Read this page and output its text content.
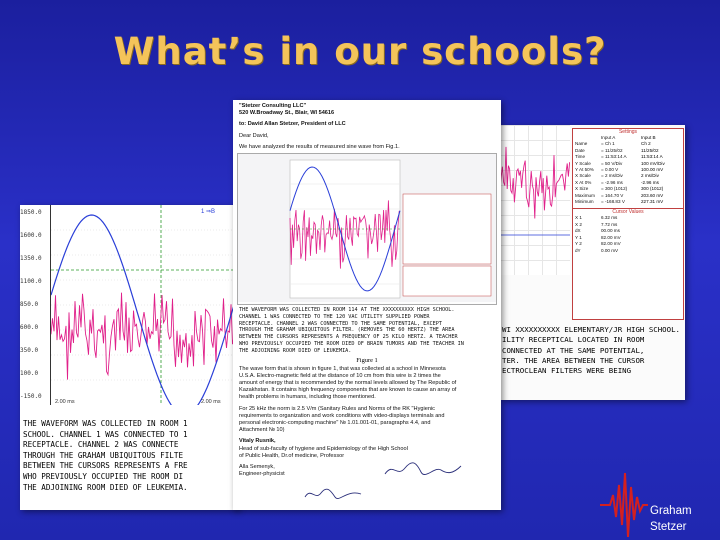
What’s in our schools?
Settings
Input A	Input B
Name	= Ch 1	Ch 2
Date	= 11/25/02	11/25/02
Time	= 11:53:14 A	11:53:14 A
Y Scale = 50 V/Div	100 mV/Div
Y At 50% = 0.00 V	100.00 mV
X Scale = 2 ms/Div	2 ms/Div
X At 0% = -2.96 ms	-2.96 ms
X Size	= 300 (1012)	300 (1012)
Maximum = 164.70 V	203.60 mV
Minimum = -168.83 V	227.31 mV
Cursor Values
X 1	6.32 ms
X 2	7.72 ms
dX	00.00 ms
Y 1	82.00 mV
Y 2	82.00 mV
dY	0.00 mV
WI XXXXXXXXXX ELEMENTARY/JR HIGH SCHOOL.
ILITY RECEPTICAL LOCATED IN ROOM
CONNECTED AT THE SAME POTENTIAL,
TER. THE AREA BETWEEN THE CURSOR
ECTROCLEAN FILTERS WERE BEING
1850.0
1600.0
1350.0
1100.0
850.0
600.0
350.0
100.0
-150.0
1 ⇒B
2.00 ms	2.00 ms
THE WAVEFORM WAS COLLECTED IN ROOM 1
SCHOOL. CHANNEL 1 WAS CONNECTED TO 1
RECEPTACLE. CHANNEL 2 WAS CONNECTE
THROUGH THE GRAHAM UBIQUITOUS FILTE
BETWEEN THE CURSORS REPRESENTS A FRE
WHO PREVIOUSLY OCCUPIED THE ROOM DI
THE ADJOINING ROOM DIED OF LEUKEMIA.
"Stetzer Consulting LLC"
520 W.Broadway St., Blair, WI 54616
to: David Allan Stetzer, President of LLC
Dear David,
We have analyzed the results of measured sine wave from Fig.1.
THE WAVEFORM WAS COLLECTED IN ROOM 114 AT THE XXXXXXXXXX HIGH SCHOOL.
CHANNEL 1 WAS CONNECTED TO THE 120 VAC UTILITY SUPPLIED POWER
RECEPTACLE. CHANNEL 2 WAS CONNECTED TO THE SAME POTENTIAL, EXCEPT
THROUGH THE GRAHAM UBIQUITOUS FILTER. (REMOVES THE 60 HERTZ) THE AREA
BETWEEN THE CURSORS REPRESENTS A FREQUENCY OF 25 KILO HERTZ. A TEACHER
WHO PREVIOUSLY OCCUPIED THE ROOM DIED OF BRAIN TUMORS AND THE TEACHER IN
THE ADJOINING ROOM DIED OF LEUKEMIA.
Figure 1
The wave form that is shown in figure 1, that was collected at a school in Minnesota
U.S.A. Electro-magnetic field at the distance of 10 cm from this wire is 2 times the
amount of energy that is recommended by the normal levels allowed by The Republic of
Kazakhstan. It contains high frequency components that are known to cause an array of
health problems in humans, including those mentioned.
For 25 kHz the norm is 2.5 V/m (Sanitary Rules and Norms of the RK "Hygienic
requirements to organization and work conditions with video-displays terminals and
personal electronic-computing machine" № 1.01.001-01, paragraphs 4.4, and
Attachment № 10)
Vitaly Rusnik,
Head of sub-faculty of hygiene and Epidemiology of the High School
of Public Health, Dr.of medicine, Professor
Alla Semenyk,
Engineer-physicist
Graham
Stetzer
